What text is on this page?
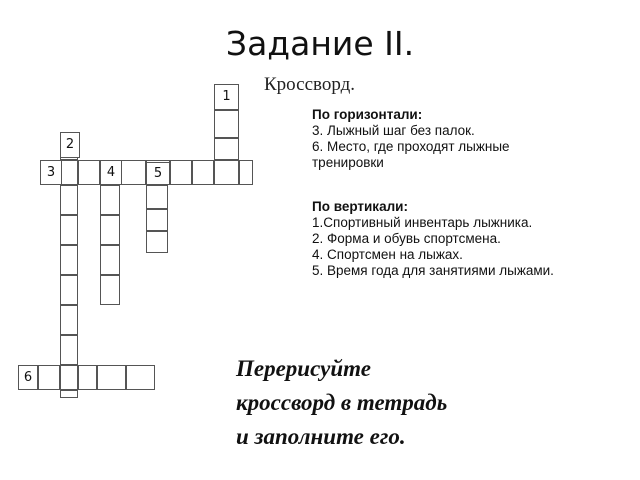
Задание II.
Кроссворд.
1
2
3	4	5
6
По горизонтали:
3. Лыжный шаг без палок.
6. Место, где проходят лыжные тренировки
По вертикали:
1.Спортивный инвентарь лыжника.
2. Форма и обувь спортсмена.
4. Спортсмен на лыжах.
5. Время года для занятиями лыжами.
Перерисуйте
кроссворд в тетрадь
и заполните его.
